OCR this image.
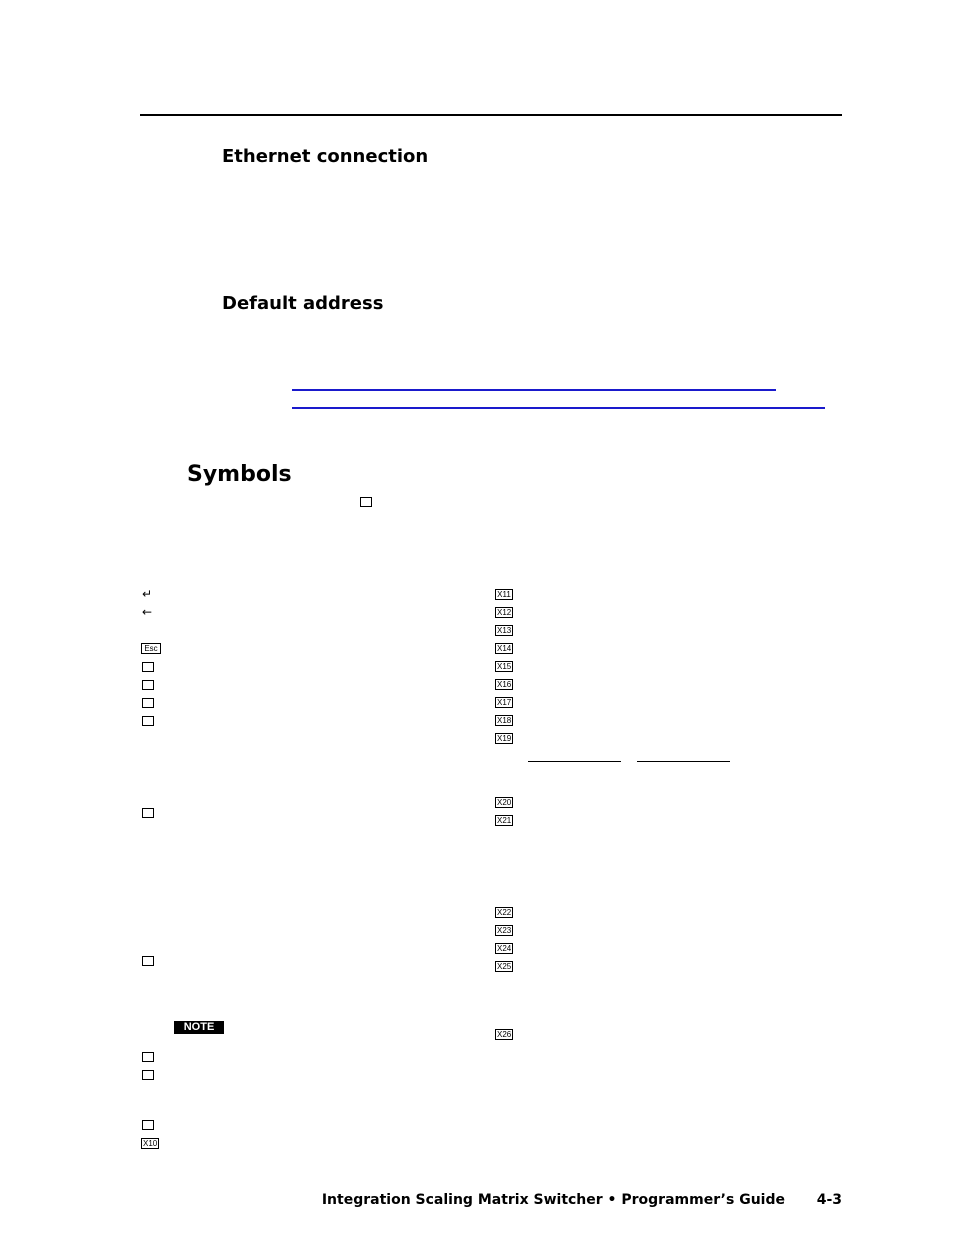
Ethernet connection
Default address
Symbols
↵
←
Esc
NOTE
X10
X11
X12
X13
X14
X15
X16
X17
X18
X19
X20
X21
X22
X23
X24
X25
X26
Integration Scaling Matrix Switcher • Programmer’s Guide 4-3
